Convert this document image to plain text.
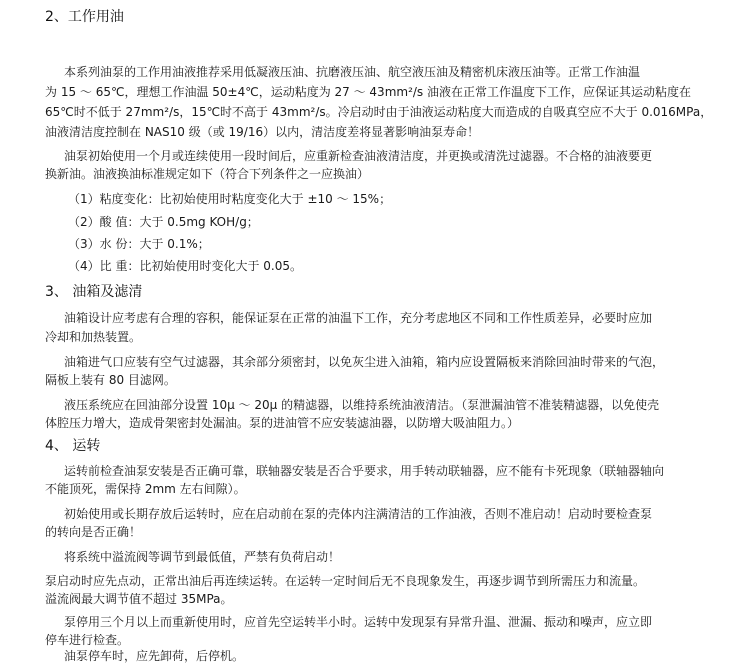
2、工作用油
本系列油泵的工作用油液推荐采用低凝液压油、抗磨液压油、航空液压油及精密机床液压油等。正常工作油温
为 15 ～ 65℃，理想工作油温 50±4℃，运动粘度为 27 ～ 43mm²/s 油液在正常工作温度下工作，应保证其运动粘度在
65℃时不低于 27mm²/s，15℃时不高于 43mm²/s。冷启动时由于油液运动粘度大而造成的自吸真空应不大于 0.016MPa，
油液清洁度控制在 NAS10 级（或 19/16）以内，清洁度差将显著影响油泵寿命！
油泵初始使用一个月或连续使用一段时间后，应重新检查油液清洁度，并更换或清洗过滤器。不合格的油液要更
换新油。油液换油标准规定如下（符合下列条件之一应换油）
（1）粘度变化：比初始使用时粘度变化大于 ±10 ～ 15%；
（2）酸 值：大于 0.5mg KOH/g；
（3）水 份：大于 0.1%；
（4）比 重：比初始使用时变化大于 0.05。
3、 油箱及滤清
油箱设计应考虑有合理的容积，能保证泵在正常的油温下工作，充分考虑地区不同和工作性质差异，必要时应加
冷却和加热装置。
油箱进气口应装有空气过滤器，其余部分须密封，以免灰尘进入油箱，箱内应设置隔板来消除回油时带来的气泡，
隔板上装有 80 目滤网。
液压系统应在回油部分设置 10μ ～ 20μ 的精滤器，以维持系统油液清洁。（泵泄漏油管不准装精滤器，以免使壳
体腔压力增大，造成骨架密封处漏油。泵的进油管不应安装滤油器，以防增大吸油阻力。）
4、 运转
运转前检查油泵安装是否正确可靠，联轴器安装是否合乎要求，用手转动联轴器，应不能有卡死现象（联轴器轴向
不能顶死，需保持 2mm 左右间隙）。
初始使用或长期存放后运转时，应在启动前在泵的壳体内注满清洁的工作油液，否则不准启动！启动时要检查泵
的转向是否正确！
将系统中溢流阀等调节到最低值，严禁有负荷启动！
泵启动时应先点动，正常出油后再连续运转。在运转一定时间后无不良现象发生，再逐步调节到所需压力和流量。
溢流阀最大调节值不超过 35MPa。
泵停用三个月以上而重新使用时，应首先空运转半小时。运转中发现泵有异常升温、泄漏、振动和噪声，应立即
停车进行检查。
油泵停车时，应先卸荷，后停机。
